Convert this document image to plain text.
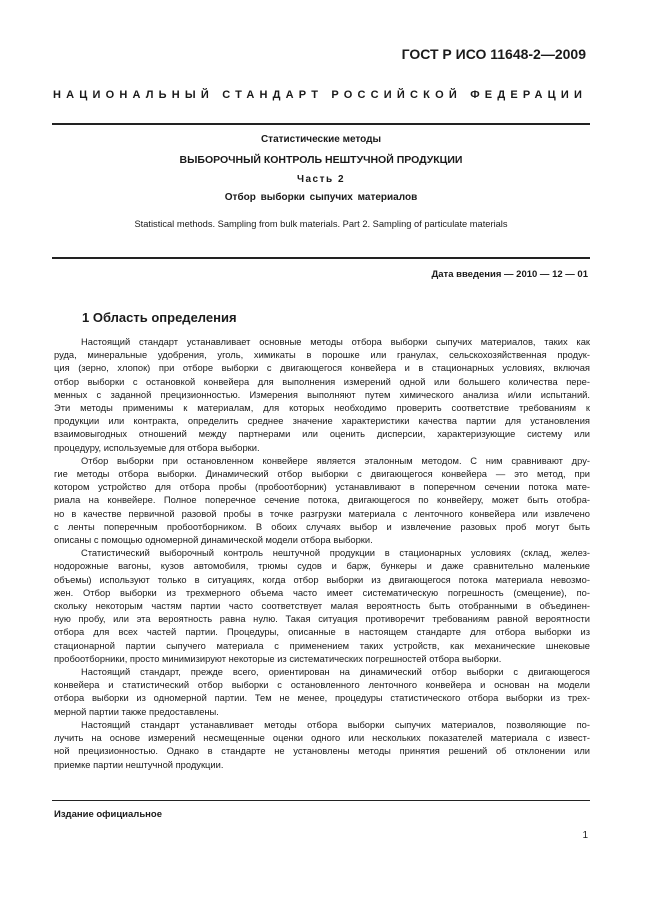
ГОСТ Р ИСО 11648-2—2009
НАЦИОНАЛЬНЫЙ СТАНДАРТ РОССИЙСКОЙ ФЕДЕРАЦИИ
Статистические методы
ВЫБОРОЧНЫЙ КОНТРОЛЬ НЕШТУЧНОЙ ПРОДУКЦИИ
Часть 2
Отбор выборки сыпучих материалов
Statistical methods. Sampling from bulk materials. Part 2. Sampling of particulate materials
Дата введения — 2010 — 12 — 01
1 Область определения
Настоящий стандарт устанавливает основные методы отбора выборки сыпучих материалов, таких как
руда, минеральные удобрения, уголь, химикаты в порошке или гранулах, сельскохозяйственная продук-
ция (зерно, хлопок) при отборе выборки с двигающегося конвейера и в стационарных условиях, включая
отбор выборки с остановкой конвейера для выполнения измерений одной или большего количества пере-
менных с заданной прецизионностью. Измерения выполняют путем химического анализа и/или испытаний.
Эти методы применимы к материалам, для которых необходимо проверить соответствие требованиям к
продукции или контракта, определить среднее значение характеристики качества партии для установления
взаимовыгодных отношений между партнерами или оценить дисперсии, характеризующие систему или
процедуру, используемые для отбора выборки.
Отбор выборки при остановленном конвейере является эталонным методом. С ним сравнивают дру-
гие методы отбора выборки. Динамический отбор выборки с двигающегося конвейера — это метод, при
котором устройство для отбора пробы (пробоотборник) устанавливают в поперечном сечении потока мате-
риала на конвейере. Полное поперечное сечение потока, двигающегося по конвейеру, может быть отобра-
но в качестве первичной разовой пробы в точке разгрузки материала с ленточного конвейера или извлечено
с ленты поперечным пробоотборником. В обоих случаях выбор и извлечение разовых проб могут быть
описаны с помощью одномерной динамической модели отбора выборки.
Статистический выборочный контроль нештучной продукции в стационарных условиях (склад, желез-
нодорожные вагоны, кузов автомобиля, трюмы судов и барж, бункеры и даже сравнительно маленькие
объемы) используют только в ситуациях, когда отбор выборки из двигающегося потока материала невозмо-
жен. Отбор выборки из трехмерного объема часто имеет систематическую погрешность (смещение), по-
скольку некоторым частям партии часто соответствует малая вероятность быть отобранными в объединен-
ную пробу, или эта вероятность равна нулю. Такая ситуация противоречит требованиям равной вероятности
отбора для всех частей партии. Процедуры, описанные в настоящем стандарте для отбора выборки из
стационарной партии сыпучего материала с применением таких устройств, как механические шнековые
пробоотборники, просто минимизируют некоторые из систематических погрешностей отбора выборки.
Настоящий стандарт, прежде всего, ориентирован на динамический отбор выборки с двигающегося
конвейера и статистический отбор выборки с остановленного ленточного конвейера и основан на модели
отбора выборки из одномерной партии. Тем не менее, процедуры статистического отбора выборки из трех-
мерной партии также предоставлены.
Настоящий стандарт устанавливает методы отбора выборки сыпучих материалов, позволяющие по-
лучить на основе измерений несмещенные оценки одного или нескольких показателей материала с извест-
ной прецизионностью. Однако в стандарте не установлены методы принятия решений об отклонении или
приемке партии нештучной продукции.
Издание официальное
1
